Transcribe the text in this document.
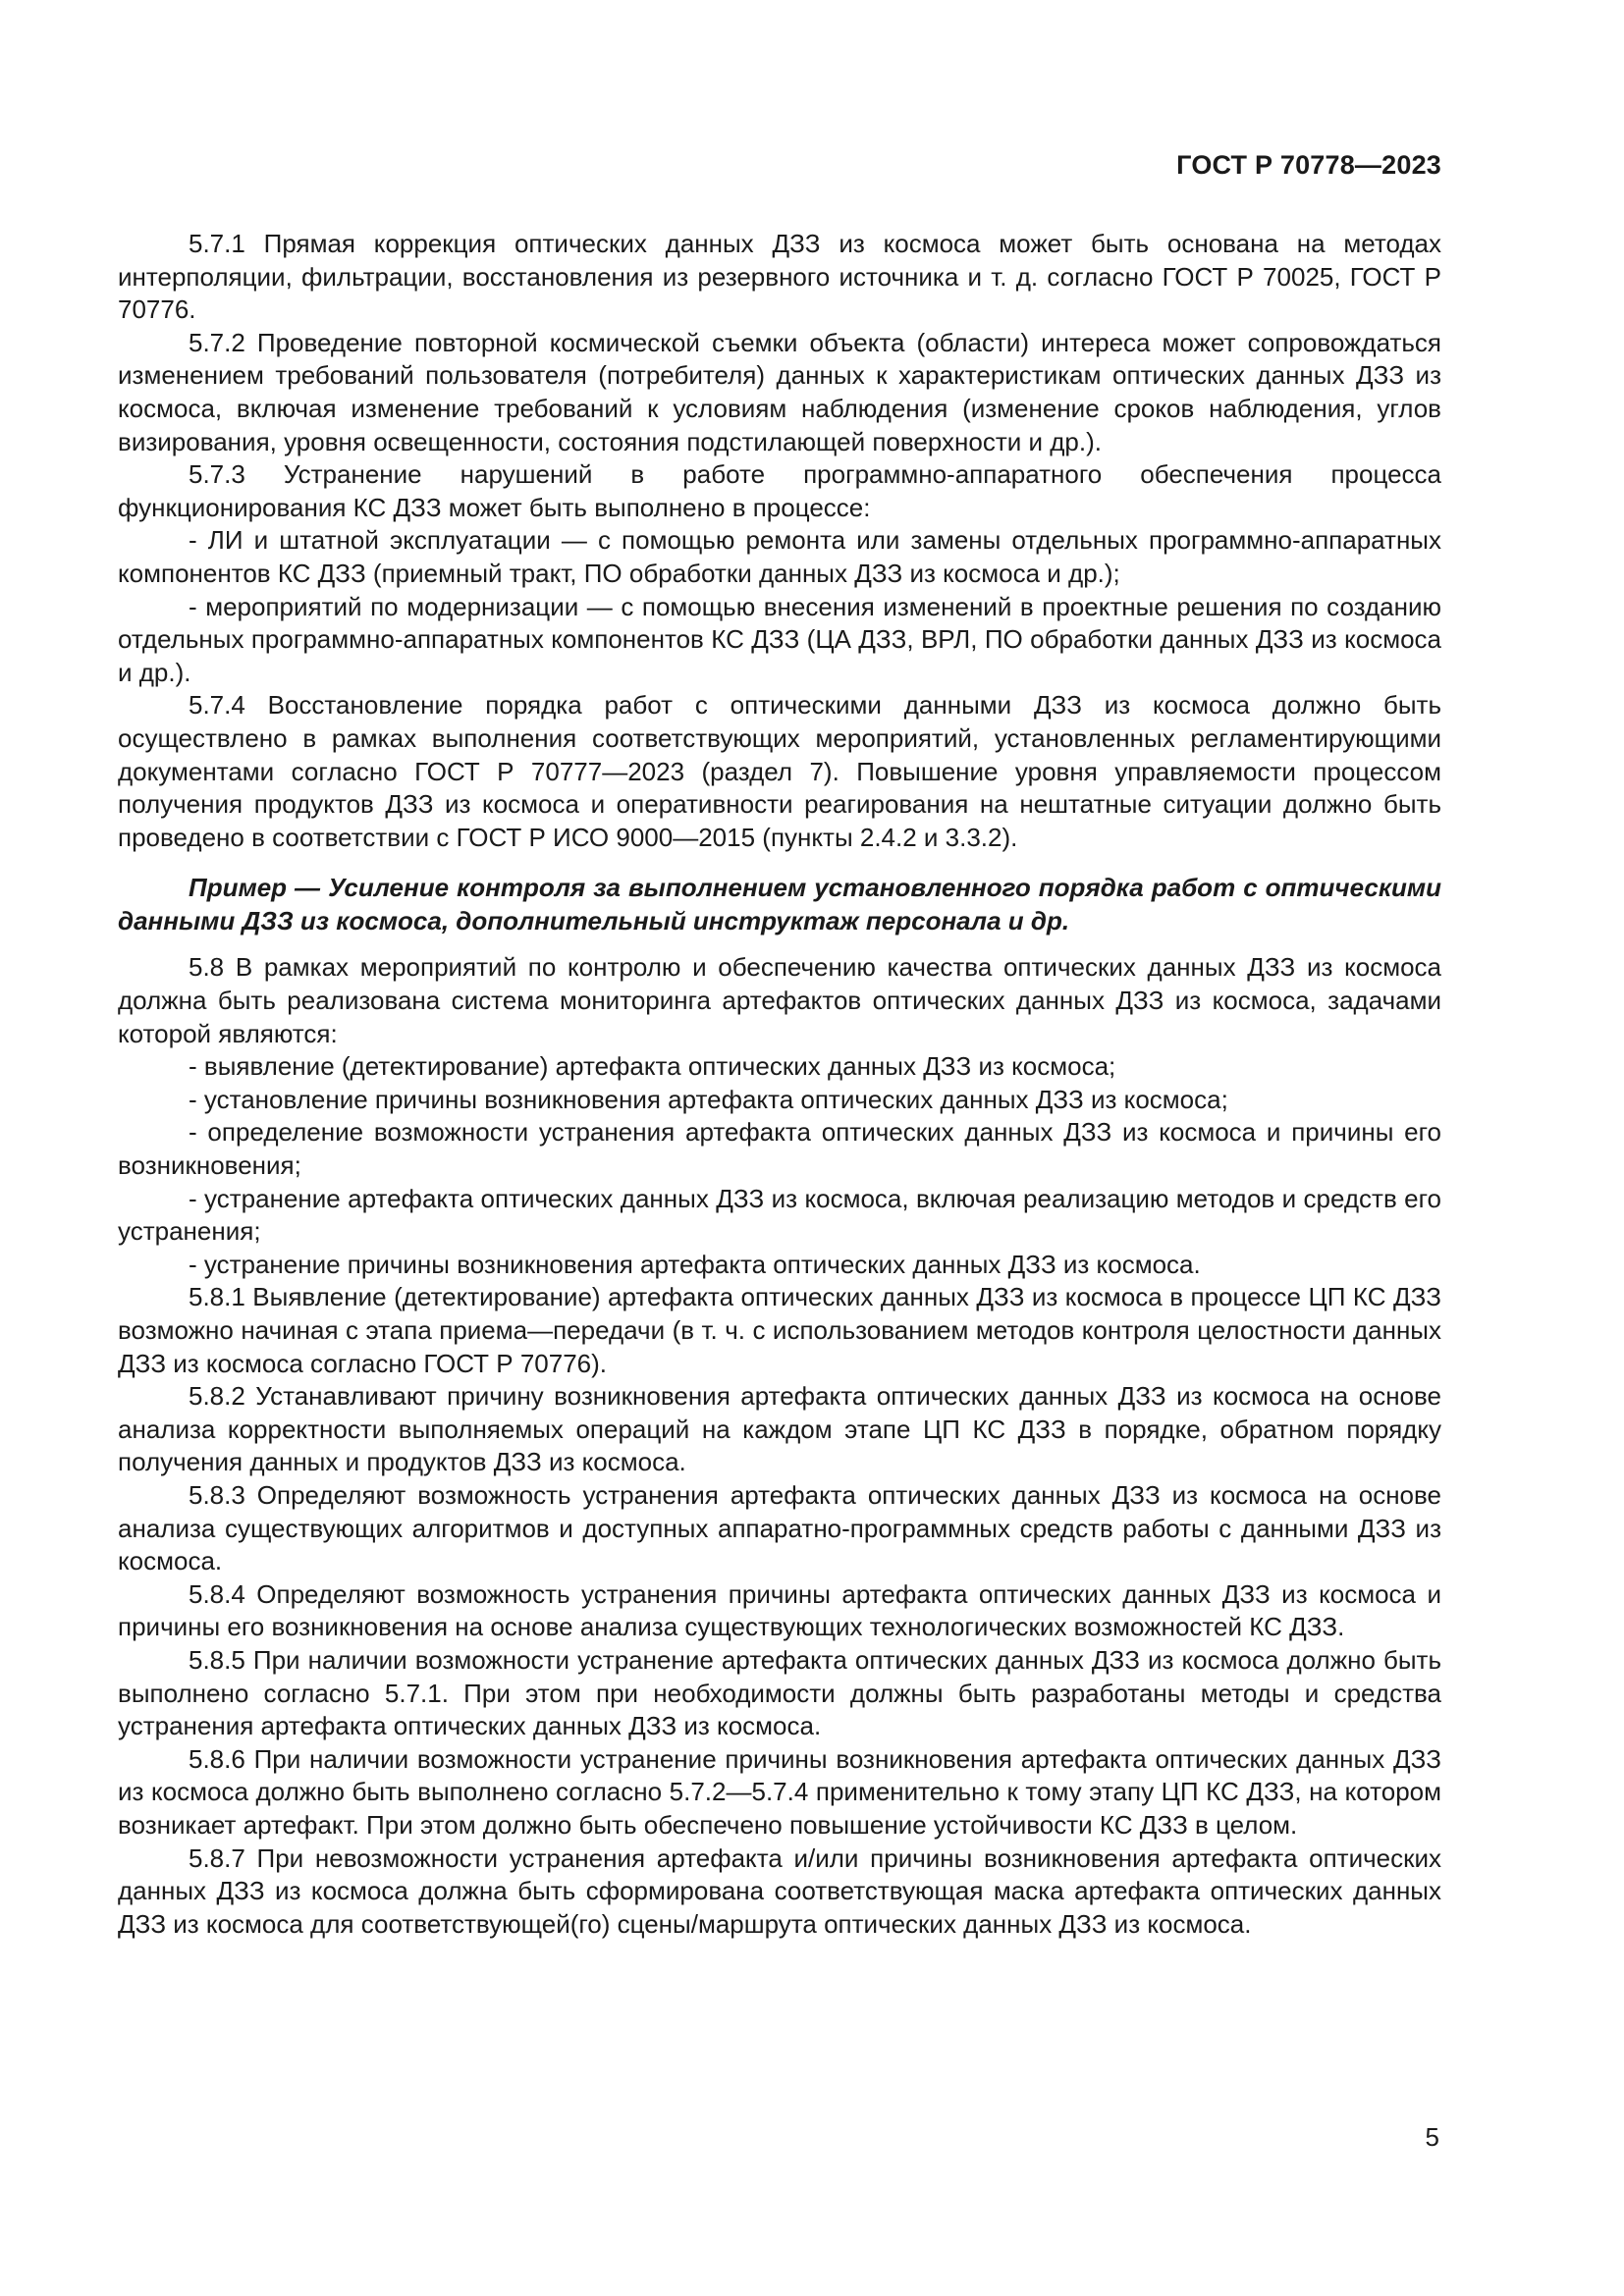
ГОСТ Р 70778—2023

5.7.1 Прямая коррекция оптических данных ДЗЗ из космоса может быть основана на методах интерполяции, фильтрации, восстановления из резервного источника и т. д. согласно ГОСТ Р 70025, ГОСТ Р 70776.

5.7.2 Проведение повторной космической съемки объекта (области) интереса может сопровождаться изменением требований пользователя (потребителя) данных к характеристикам оптических данных ДЗЗ из космоса, включая изменение требований к условиям наблюдения (изменение сроков наблюдения, углов визирования, уровня освещенности, состояния подстилающей поверхности и др.).

5.7.3 Устранение нарушений в работе программно-аппаратного обеспечения процесса функционирования КС ДЗЗ может быть выполнено в процессе:

- ЛИ и штатной эксплуатации — с помощью ремонта или замены отдельных программно-аппаратных компонентов КС ДЗЗ (приемный тракт, ПО обработки данных ДЗЗ из космоса и др.);

- мероприятий по модернизации — с помощью внесения изменений в проектные решения по созданию отдельных программно-аппаратных компонентов КС ДЗЗ (ЦА ДЗЗ, ВРЛ, ПО обработки данных ДЗЗ из космоса и др.).

5.7.4 Восстановление порядка работ с оптическими данными ДЗЗ из космоса должно быть осуществлено в рамках выполнения соответствующих мероприятий, установленных регламентирующими документами согласно ГОСТ Р 70777—2023 (раздел 7). Повышение уровня управляемости процессом получения продуктов ДЗЗ из космоса и оперативности реагирования на нештатные ситуации должно быть проведено в соответствии с ГОСТ Р ИСО 9000—2015 (пункты 2.4.2 и 3.3.2).

Пример — Усиление контроля за выполнением установленного порядка работ с оптическими данными ДЗЗ из космоса, дополнительный инструктаж персонала и др.

5.8 В рамках мероприятий по контролю и обеспечению качества оптических данных ДЗЗ из космоса должна быть реализована система мониторинга артефактов оптических данных ДЗЗ из космоса, задачами которой являются:

- выявление (детектирование) артефакта оптических данных ДЗЗ из космоса;

- установление причины возникновения артефакта оптических данных ДЗЗ из космоса;

- определение возможности устранения артефакта оптических данных ДЗЗ из космоса и причины его возникновения;

- устранение артефакта оптических данных ДЗЗ из космоса, включая реализацию методов и средств его устранения;

- устранение причины возникновения артефакта оптических данных ДЗЗ из космоса.

5.8.1 Выявление (детектирование) артефакта оптических данных ДЗЗ из космоса в процессе ЦП КС ДЗЗ возможно начиная с этапа приема—передачи (в т. ч. с использованием методов контроля целостности данных ДЗЗ из космоса согласно ГОСТ Р 70776).

5.8.2 Устанавливают причину возникновения артефакта оптических данных ДЗЗ из космоса на основе анализа корректности выполняемых операций на каждом этапе ЦП КС ДЗЗ в порядке, обратном порядку получения данных и продуктов ДЗЗ из космоса.

5.8.3 Определяют возможность устранения артефакта оптических данных ДЗЗ из космоса на основе анализа существующих алгоритмов и доступных аппаратно-программных средств работы с данными ДЗЗ из космоса.

5.8.4 Определяют возможность устранения причины артефакта оптических данных ДЗЗ из космоса и причины его возникновения на основе анализа существующих технологических возможностей КС ДЗЗ.

5.8.5 При наличии возможности устранение артефакта оптических данных ДЗЗ из космоса должно быть выполнено согласно 5.7.1. При этом при необходимости должны быть разработаны методы и средства устранения артефакта оптических данных ДЗЗ из космоса.

5.8.6 При наличии возможности устранение причины возникновения артефакта оптических данных ДЗЗ из космоса должно быть выполнено согласно 5.7.2—5.7.4 применительно к тому этапу ЦП КС ДЗЗ, на котором возникает артефакт. При этом должно быть обеспечено повышение устойчивости КС ДЗЗ в целом.

5.8.7 При невозможности устранения артефакта и/или причины возникновения артефакта оптических данных ДЗЗ из космоса должна быть сформирована соответствующая маска артефакта оптических данных ДЗЗ из космоса для соответствующей(го) сцены/маршрута оптических данных ДЗЗ из космоса.

5
